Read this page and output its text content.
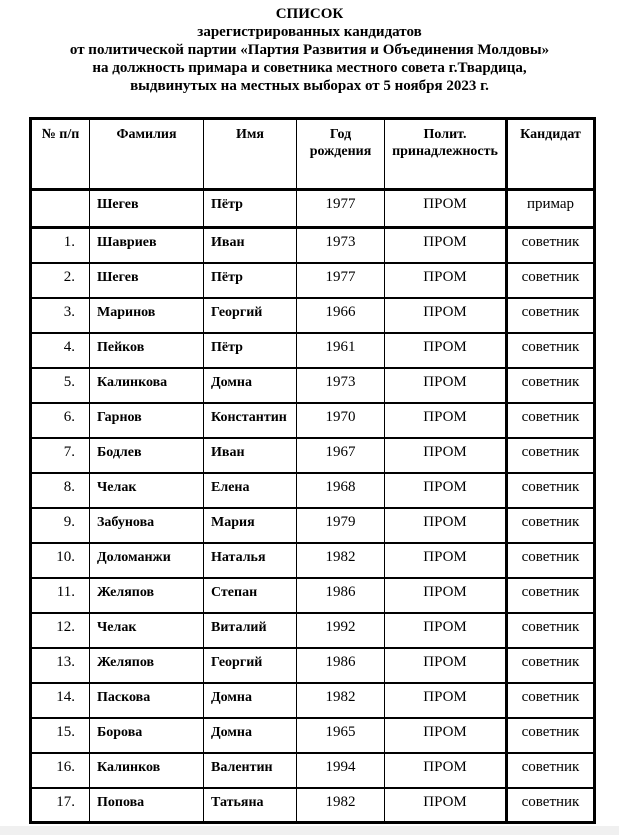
СПИСОК
зарегистрированных кандидатов
от политической партии «Партия Развития и Объединения Молдовы»
на должность примара и советника местного совета г.Твардица,
выдвинутых на местных выборах от 5 ноября 2023 г.
№ п/п	Фамилия	Имя	Год рождения	Полит. принадлежность	Кандидат
	Шегев	Пётр	1977	ПРОМ	примар
1.	Шавриев	Иван	1973	ПРОМ	советник
2.	Шегев	Пётр	1977	ПРОМ	советник
3.	Маринов	Георгий	1966	ПРОМ	советник
4.	Пейков	Пётр	1961	ПРОМ	советник
5.	Калинкова	Домна	1973	ПРОМ	советник
6.	Гарнов	Константин	1970	ПРОМ	советник
7.	Бодлев	Иван	1967	ПРОМ	советник
8.	Челак	Елена	1968	ПРОМ	советник
9.	Забунова	Мария	1979	ПРОМ	советник
10.	Доломанжи	Наталья	1982	ПРОМ	советник
11.	Желяпов	Степан	1986	ПРОМ	советник
12.	Челак	Виталий	1992	ПРОМ	советник
13.	Желяпов	Георгий	1986	ПРОМ	советник
14.	Паскова	Домна	1982	ПРОМ	советник
15.	Борова	Домна	1965	ПРОМ	советник
16.	Калинков	Валентин	1994	ПРОМ	советник
17.	Попова	Татьяна	1982	ПРОМ	советник
